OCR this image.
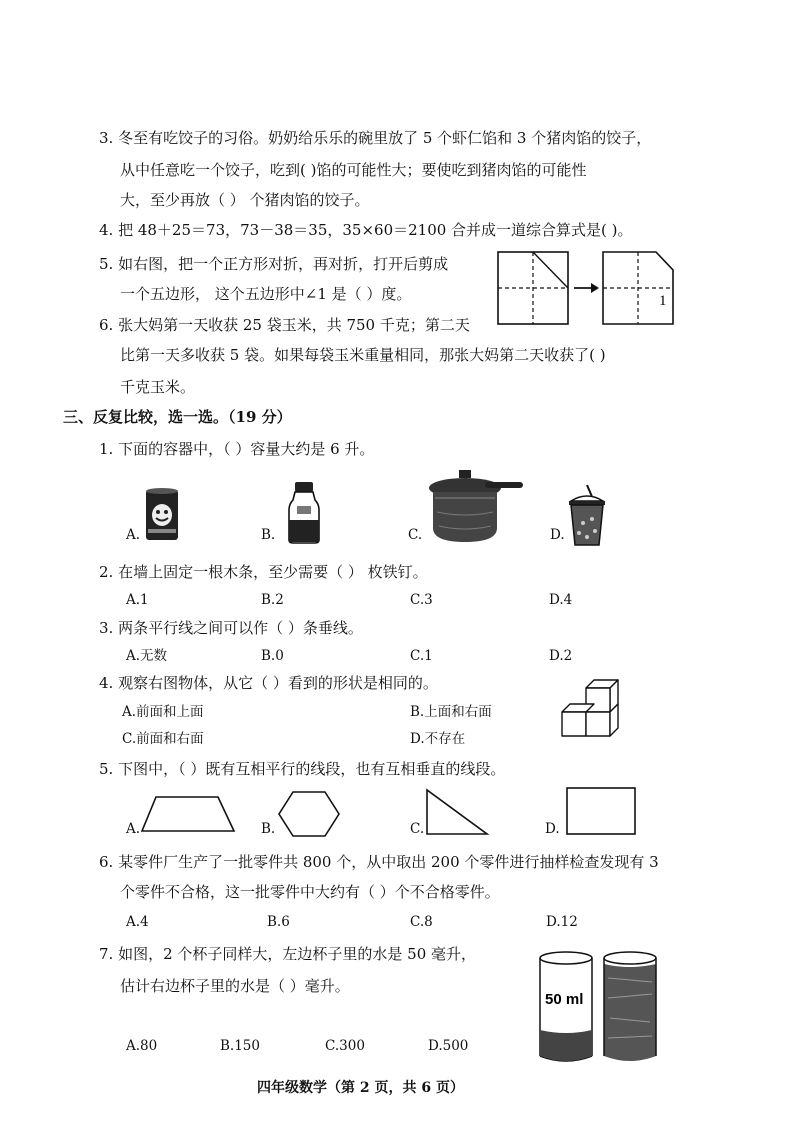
3. 冬至有吃饺子的习俗。奶奶给乐乐的碗里放了 5 个虾仁馅和 3 个猪肉馅的饺子，
从中任意吃一个饺子，吃到( )馅的可能性大；要使吃到猪肉馅的可能性
大，至少再放（ ） 个猪肉馅的饺子。
4. 把 48＋25＝73，73－38＝35，35×60＝2100 合并成一道综合算式是( )。
5. 如右图，把一个正方形对折，再对折，打开后剪成
一个五边形， 这个五边形中∠1 是（ ）度。	1
6. 张大妈第一天收获 25 袋玉米，共 750 千克；第二天
比第一天多收获 5 袋。如果每袋玉米重量相同，那张大妈第二天收获了( )
千克玉米。
三、反复比较，选一选。（19 分）
1. 下面的容器中，（ ）容量大约是 6 升。
A.	B.	C.	D.
2. 在墙上固定一根木条，至少需要（ ） 枚铁钉。
A.1	B.2	C.3	D.4
3. 两条平行线之间可以作（ ）条垂线。
A.无数	B.0	C.1	D.2
4. 观察右图物体，从它（ ）看到的形状是相同的。
A.前面和上面	B.上面和右面
C.前面和右面	D.不存在
5. 下图中，（ ）既有互相平行的线段，也有互相垂直的线段。
A.	B.	C.	D.
6. 某零件厂生产了一批零件共 800 个，从中取出 200 个零件进行抽样检查发现有 3
个零件不合格，这一批零件中大约有（ ）个不合格零件。
A.4	B.6	C.8	D.12
7. 如图，2 个杯子同样大，左边杯子里的水是 50 毫升，
估计右边杯子里的水是（ ）毫升。
A.80	B.150	C.300	D.500
50 ml
四年级数学（第 2 页，共 6 页）
